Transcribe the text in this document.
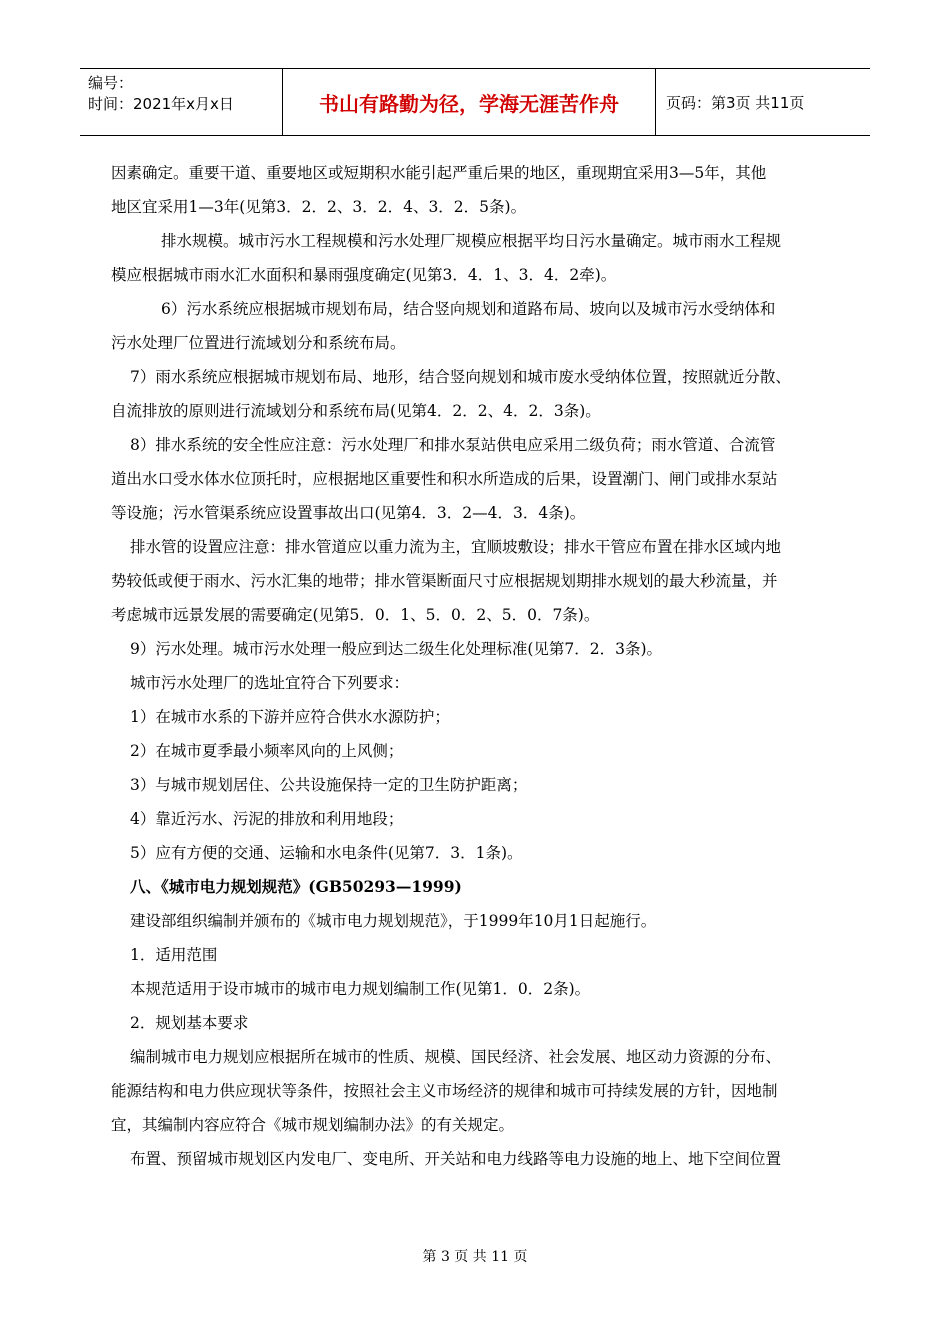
编号：
时间：2021年x月x日	书山有路勤为径，学海无涯苦作舟	页码：第3页 共11页

因素确定。重要干道、重要地区或短期积水能引起严重后果的地区，重现期宜采用3—5年，其他

地区宜采用1—3年(见第3．2．2、3．2．4、3．2．5条)。

排水规模。城市污水工程规模和污水处理厂规模应根据平均日污水量确定。城市雨水工程规

模应根据城市雨水汇水面积和暴雨强度确定(见第3．4．1、3．4．2牵)。

6）污水系统应根据城市规划布局，结合竖向规划和道路布局、坡向以及城市污水受纳体和

污水处理厂位置进行流域划分和系统布局。

7）雨水系统应根据城市规划布局、地形，结合竖向规划和城市废水受纳体位置，按照就近分散、

自流排放的原则进行流域划分和系统布局(见第4．2．2、4．2．3条)。

8）排水系统的安全性应注意：污水处理厂和排水泵站供电应采用二级负荷；雨水管道、合流管

道出水口受水体水位顶托时，应根据地区重要性和积水所造成的后果，设置潮门、闸门或排水泵站

等设施；污水管渠系统应设置事故出口(见第4．3．2—4．3．4条)。

排水管的设置应注意：排水管道应以重力流为主，宜顺坡敷设；排水干管应布置在排水区域内地

势较低或便于雨水、污水汇集的地带；排水管渠断面尺寸应根据规划期排水规划的最大秒流量，并

考虑城市远景发展的需要确定(见第5．0．1、5．0．2、5．0．7条)。

9）污水处理。城市污水处理一般应到达二级生化处理标准(见第7．2．3条)。

城市污水处理厂的选址宜符合下列要求：

1）在城市水系的下游并应符合供水水源防护；

2）在城市夏季最小频率风向的上风侧；

3）与城市规划居住、公共设施保持一定的卫生防护距离；

4）靠近污水、污泥的排放和利用地段；

5）应有方便的交通、运输和水电条件(见第7．3．1条)。

八、《城市电力规划规范》(GB50293—1999)

建设部组织编制并颁布的《城市电力规划规范》，于1999年10月1日起施行。

1．适用范围

本规范适用于设市城市的城市电力规划编制工作(见第1．0．2条)。

2．规划基本要求

编制城市电力规划应根据所在城市的性质、规模、国民经济、社会发展、地区动力资源的分布、

能源结构和电力供应现状等条件，按照社会主义市场经济的规律和城市可持续发展的方针，因地制

宜，其编制内容应符合《城市规划编制办法》的有关规定。

布置、预留城市规划区内发电厂、变电所、开关站和电力线路等电力设施的地上、地下空间位置

第 3 页 共 11 页
